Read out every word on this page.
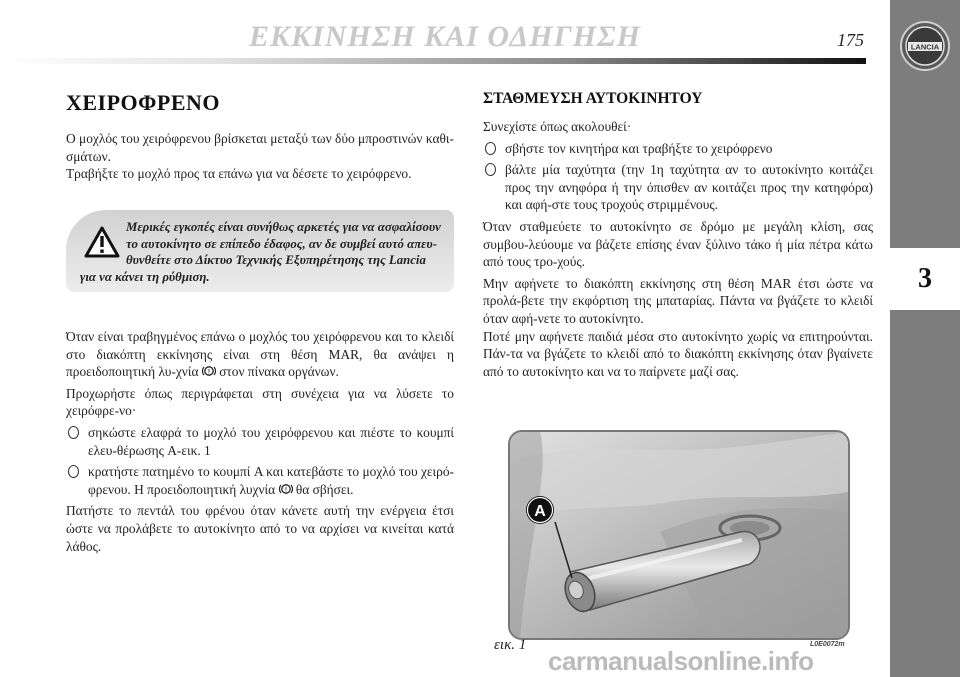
ΕΚΚΙΝΗΣΗ ΚΑΙ ΟΔΗΓΗΣΗ	175	LANCIA
3
ΧΕΙΡΟΦΡΕΝΟ

Ο μοχλός του χειρόφρενου βρίσκεται μεταξύ των δύο μπροστινών καθι-σμάτων.

Τραβήξτε το μοχλό προς τα επάνω για να δέσετε το χειρόφρενο.

Μερικές εγκοπές είναι συνήθως αρκετές για να ασφαλίσουν
το αυτοκίνητο σε επίπεδο έδαφος, αν δε συμβεί αυτό απευ-
θυνθείτε στο Δίκτυο Τεχνικής Εξυπηρέτησης της Lancia
για να κάνει τη ρύθμιση.

Όταν είναι τραβηγμένος επάνω ο μοχλός του χειρόφρενου και το κλειδί στο διακόπτη εκκίνησης είναι στη θέση MAR, θα ανάψει η προειδοποιητική λυ-χνία ! στον πίνακα οργάνων.

Προχωρήστε όπως περιγράφεται στη συνέχεια για να λύσετε το χειρόφρε-νο·

σηκώστε ελαφρά το μοχλό του χειρόφρενου και πιέστε το κουμπί ελευ-θέρωσης A-εικ. 1
κρατήστε πατημένο το κουμπί A και κατεβάστε το μοχλό του χειρό-φρενου. Η προειδοποιητική λυχνία ! θα σβήσει.

Πατήστε το πεντάλ του φρένου όταν κάνετε αυτή την ενέργεια έτσι ώστε να προλάβετε το αυτοκίνητο από το να αρχίσει να κινείται κατά λάθος.

ΣΤΑΘΜΕΥΣΗ ΑΥΤΟΚΙΝΗΤΟΥ

Συνεχίστε όπως ακολουθεί·

σβήστε τον κινητήρα και τραβήξτε το χειρόφρενο
βάλτε μία ταχύτητα (την 1η ταχύτητα αν το αυτοκίνητο κοιτάζει προς την ανηφόρα ή την όπισθεν αν κοιτάζει προς την κατηφόρα) και αφή-στε τους τροχούς στριμμένους.

Όταν σταθμεύετε το αυτοκίνητο σε δρόμο με μεγάλη κλίση, σας συμβου-λεύουμε να βάζετε επίσης έναν ξύλινο τάκο ή μία πέτρα κάτω από τους τρο-χούς.

Μην αφήνετε το διακόπτη εκκίνησης στη θέση MAR έτσι ώστε να προλά-βετε την εκφόρτιση της μπαταρίας. Πάντα να βγάζετε το κλειδί όταν αφή-νετε το αυτοκίνητο.

Ποτέ μην αφήνετε παιδιά μέσα στο αυτοκίνητο χωρίς να επιτηρούνται. Πάν-τα να βγάζετε το κλειδί από το διακόπτη εκκίνησης όταν βγαίνετε από το αυτοκίνητο και να το παίρνετε μαζί σας.

A
εικ. 1	L0E0072m
carmanualsonline.info
